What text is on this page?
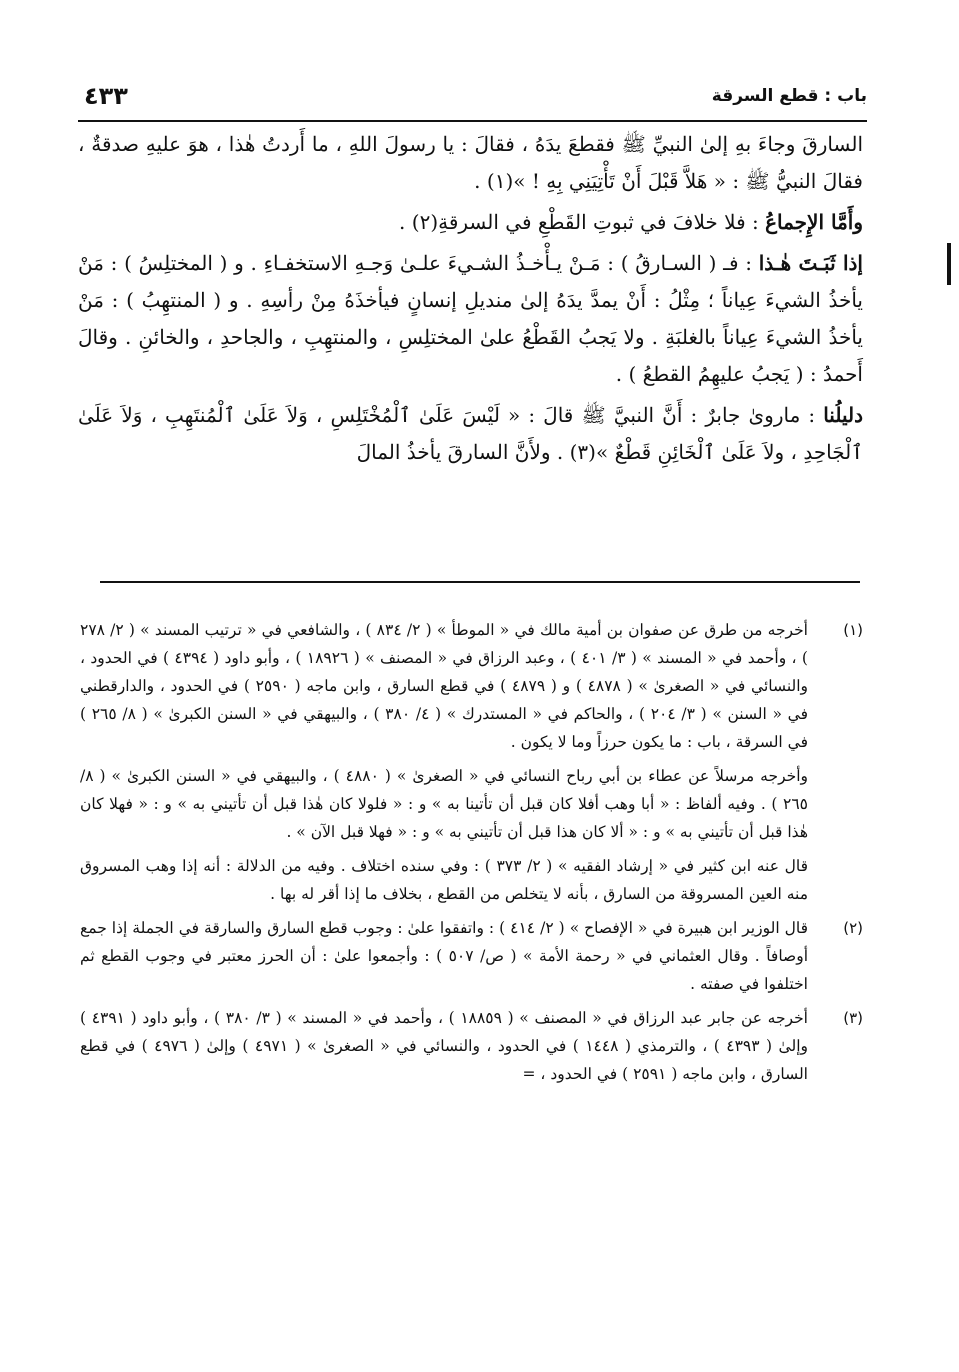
باب : قطع السرقة
٤٣٣

السارقَ وجاءَ بهِ إلىٰ النبيِّ ﷺ فقطعَ يدَهُ ، فقالَ : يا رسولَ اللهِ ، ما أَردتُ هٰذا ، هوَ عليهِ صدقةٌ ، فقالَ النبيُّ ﷺ : « هَلاَّ قَبْلَ أَنْ تَأْتِيَنِي بِهِ ! »(١) .

وأَمَّا الإِجماعُ : فلا خلافَ في ثبوتِ القَطْعِ في السرقةِ(٢) .

إذا ثَبَـتَ هٰـذا : فـ ( السـارقُ ) : مَـنْ يـأْخـذُ الشـيءَ علـىٰ وَجـهِ الاستخفـاءِ . و ( المختلِسُ ) : مَنْ يأخذُ الشيءَ عِياناً ؛ مِثْلُ : أَنْ يمدَّ يدَهُ إلىٰ منديلِ إنسانٍ فيأخذَهُ مِنْ رأسِهِ . و ( المنتهِبُ ) : مَنْ يأخذُ الشيءَ عِياناً بالغلبَةِ . ولا يَجبُ القَطْعُ علىٰ المختلِسِ ، والمنتهِبِ ، والجاحدِ ، والخائنِ . وقالَ أَحمدُ : ( يَجبُ عليهِمُ القطعُ ) .

دليلُنا : ماروىٰ جابرٌ : أَنَّ النبيَّ ﷺ قالَ : « لَيْسَ عَلَىٰ ٱلْمُخْتَلِسِ ، وَلاَ عَلَىٰ ٱلْمُنتَهِبِ ، وَلاَ عَلَىٰ ٱلْجَاحِدِ ، ولاَ عَلَىٰ ٱلْخَائِنِ قَطْعٌ »(٣) . ولأَنَّ السارقَ يأخذُ المالَ

(١)

أخرجه من طرق عن صفوان بن أمية مالك في « الموطأ » ( ٢/ ٨٣٤ ) ، والشافعي في « ترتيب المسند » ( ٢/ ٢٧٨ ) ، وأحمد في « المسند » ( ٣/ ٤٠١ ) ، وعبد الرزاق في « المصنف » ( ١٨٩٢٦ ) ، وأبو داود ( ٤٣٩٤ ) في الحدود ، والنسائي في « الصغرىٰ » ( ٤٨٧٨ ) و ( ٤٨٧٩ ) في قطع السارق ، وابن ماجه ( ٢٥٩٠ ) في الحدود ، والدارقطني في « السنن » ( ٣/ ٢٠٤ ) ، والحاكم في « المستدرك » ( ٤/ ٣٨٠ ) ، والبيهقي في « السنن الكبرىٰ » ( ٨/ ٢٦٥ ) في السرقة ، باب : ما يكون حرزاً وما لا يكون .

وأخرجه مرسلاً عن عطاء بن أبي رباح النسائي في « الصغرىٰ » ( ٤٨٨٠ ) ، والبيهقي في « السنن الكبرىٰ » ( ٨/ ٢٦٥ ) . وفيه ألفاظ : « أبا وهب أفلا كان قبل أن تأتينا به » و : « فلولا كان هٰذا قبل أن تأتيني به » و : « فهلا كان هٰذا قبل أن تأتيني به » و : « ألا كان هذا قبل أن تأتيني به » و : « فهلا قبل الآن » .

قال عنه ابن كثير في « إرشاد الفقيه » ( ٢/ ٣٧٣ ) : وفي سنده اختلاف . وفيه من الدلالة : أنه إذا وهب المسروق منه العين المسروقة من السارق ، بأنه لا يتخلص من القطع ، بخلاف ما إذا أقر له بها .

(٢)

قال الوزير ابن هبيرة في « الإفصاح » ( ٢/ ٤١٤ ) : واتفقوا علىٰ : وجوب قطع السارق والسارقة في الجملة إذا جمع أوصافاً . وقال العثماني في « رحمة الأمة » ( ص/ ٥٠٧ ) : وأجمعوا علىٰ : أن الحرز معتبر في وجوب القطع ثم اختلفوا في صفته .

(٣)

أخرجه عن جابر عبد الرزاق في « المصنف » ( ١٨٨٥٩ ) ، وأحمد في « المسند » ( ٣/ ٣٨٠ ) ، وأبو داود ( ٤٣٩١ ) وإلىٰ ( ٤٣٩٣ ) ، والترمذي ( ١٤٤٨ ) في الحدود ، والنسائي في « الصغرىٰ » ( ٤٩٧١ ) وإلىٰ ( ٤٩٧٦ ) في قطع السارق ، وابن ماجه ( ٢٥٩١ ) في الحدود ، =
